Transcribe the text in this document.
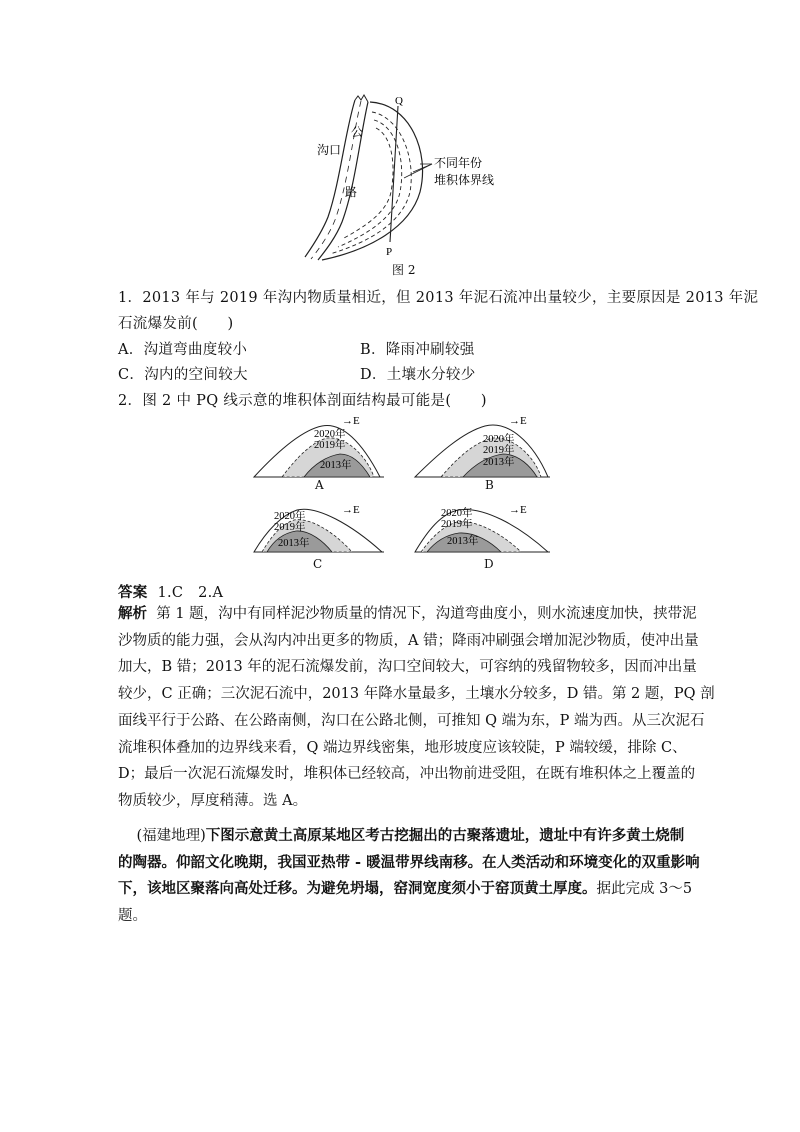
Q
P
沟口
公
路
不同年份
堆积体界线
图 2
1．2013 年与 2019 年沟内物质量相近，但 2013 年泥石流冲出量较少，主要原因是 2013 年泥
石流爆发前(　　)
A．沟道弯曲度较小	B．降雨冲刷较强
C．沟内的空间较大	D．土壤水分较少
2．图 2 中 PQ 线示意的堆积体剖面结构最可能是(　　)
→E
2020年
2019年
2013年
A
→E
2020年
2019年
2013年
B
→E
2020年
2019年
2013年
C
→E
2020年
2019年
2013年
D
答案 1.C　2.A
解析 第 1 题，沟中有同样泥沙物质量的情况下，沟道弯曲度小，则水流速度加快，挟带泥
沙物质的能力强，会从沟内冲出更多的物质，A 错；降雨冲刷强会增加泥沙物质，使冲出量
加大，B 错；2013 年的泥石流爆发前，沟口空间较大，可容纳的残留物较多，因而冲出量
较少，C 正确；三次泥石流中，2013 年降水量最多，土壤水分较多，D 错。第 2 题，PQ 剖
面线平行于公路、在公路南侧，沟口在公路北侧，可推知 Q 端为东，P 端为西。从三次泥石
流堆积体叠加的边界线来看，Q 端边界线密集，地形坡度应该较陡，P 端较缓，排除 C、
D；最后一次泥石流爆发时，堆积体已经较高，冲出物前进受阻，在既有堆积体之上覆盖的
物质较少，厚度稍薄。选 A。
(福建地理)下图示意黄土高原某地区考古挖掘出的古聚落遗址，遗址中有许多黄土烧制
的陶器。仰韶文化晚期，我国亚热带 - 暖温带界线南移。在人类活动和环境变化的双重影响
下，该地区聚落向高处迁移。为避免坍塌，窑洞宽度须小于窑顶黄土厚度。据此完成 3～5
题。
